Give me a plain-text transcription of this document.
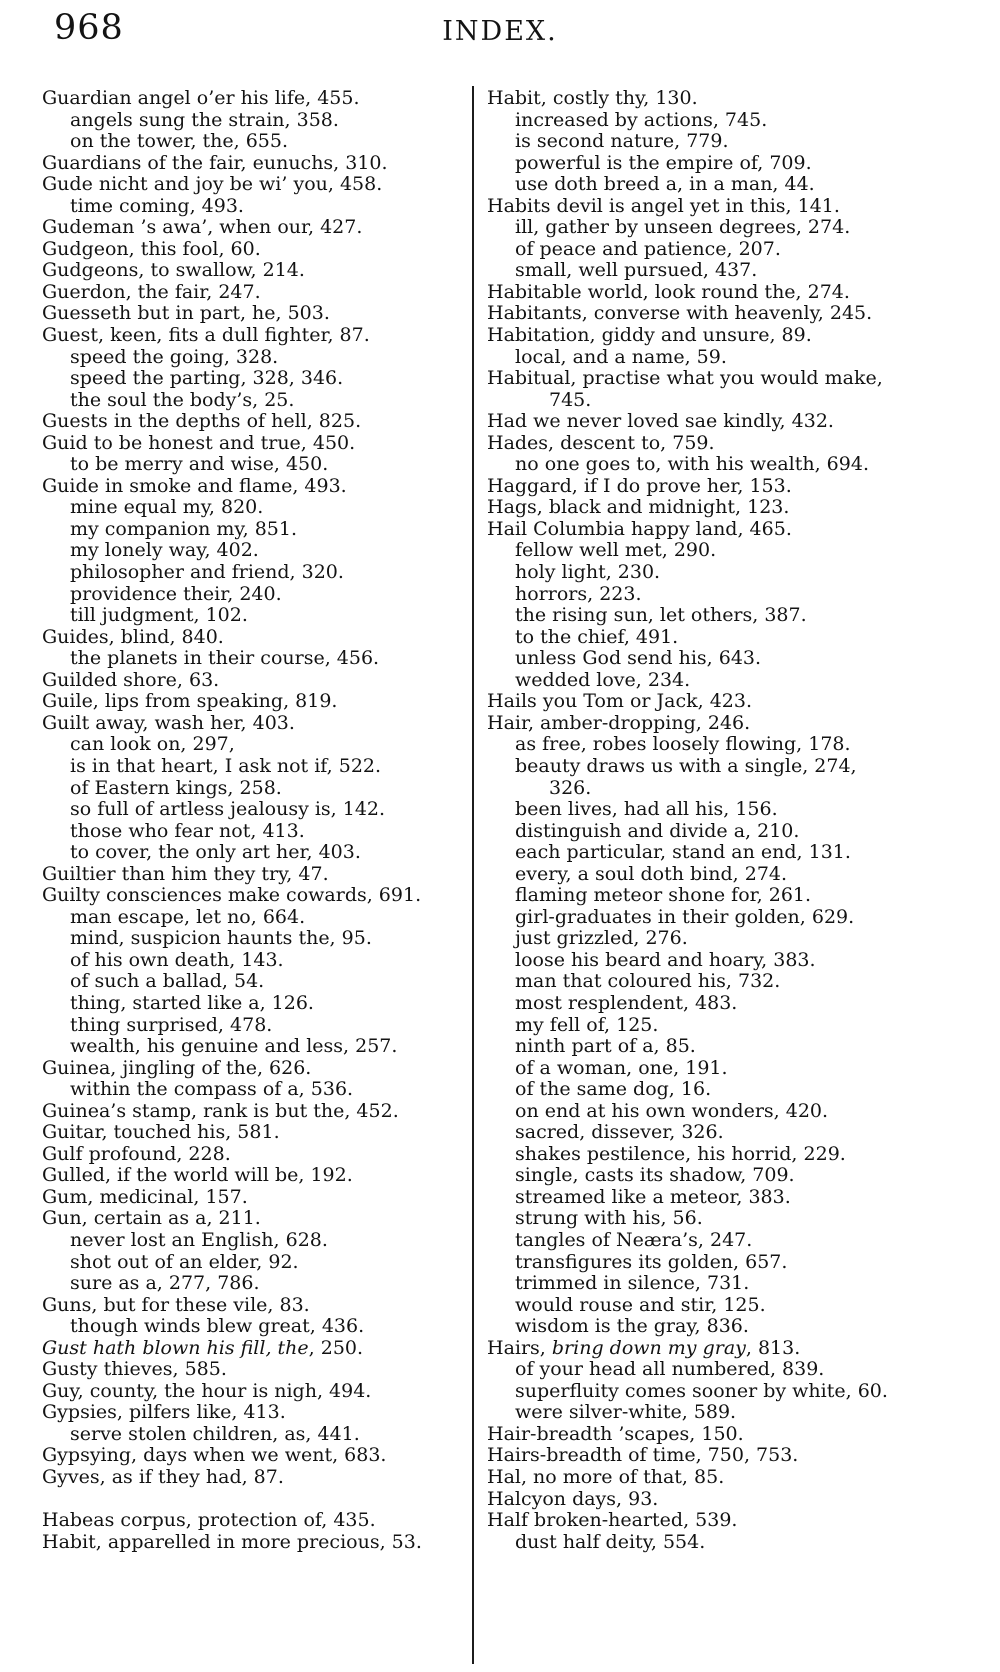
968	INDEX.
Guardian angel o’er his life, 455.
angels sung the strain, 358.
on the tower, the, 655.
Guardians of the fair, eunuchs, 310.
Gude nicht and joy be wi’ you, 458.
time coming, 493.
Gudeman ’s awa’, when our, 427.
Gudgeon, this fool, 60.
Gudgeons, to swallow, 214.
Guerdon, the fair, 247.
Guesseth but in part, he, 503.
Guest, keen, fits a dull fighter, 87.
speed the going, 328.
speed the parting, 328, 346.
the soul the body’s, 25.
Guests in the depths of hell, 825.
Guid to be honest and true, 450.
to be merry and wise, 450.
Guide in smoke and flame, 493.
mine equal my, 820.
my companion my, 851.
my lonely way, 402.
philosopher and friend, 320.
providence their, 240.
till judgment, 102.
Guides, blind, 840.
the planets in their course, 456.
Guilded shore, 63.
Guile, lips from speaking, 819.
Guilt away, wash her, 403.
can look on, 297,
is in that heart, I ask not if, 522.
of Eastern kings, 258.
so full of artless jealousy is, 142.
those who fear not, 413.
to cover, the only art her, 403.
Guiltier than him they try, 47.
Guilty consciences make cowards, 691.
man escape, let no, 664.
mind, suspicion haunts the, 95.
of his own death, 143.
of such a ballad, 54.
thing, started like a, 126.
thing surprised, 478.
wealth, his genuine and less, 257.
Guinea, jingling of the, 626.
within the compass of a, 536.
Guinea’s stamp, rank is but the, 452.
Guitar, touched his, 581.
Gulf profound, 228.
Gulled, if the world will be, 192.
Gum, medicinal, 157.
Gun, certain as a, 211.
never lost an English, 628.
shot out of an elder, 92.
sure as a, 277, 786.
Guns, but for these vile, 83.
though winds blew great, 436.
Gust hath blown his fill, the, 250.
Gusty thieves, 585.
Guy, county, the hour is nigh, 494.
Gypsies, pilfers like, 413.
serve stolen children, as, 441.
Gypsying, days when we went, 683.
Gyves, as if they had, 87.

Habeas corpus, protection of, 435.
Habit, apparelled in more precious, 53.
Habit, costly thy, 130.
increased by actions, 745.
is second nature, 779.
powerful is the empire of, 709.
use doth breed a, in a man, 44.
Habits devil is angel yet in this, 141.
ill, gather by unseen degrees, 274.
of peace and patience, 207.
small, well pursued, 437.
Habitable world, look round the, 274.
Habitants, converse with heavenly, 245.
Habitation, giddy and unsure, 89.
local, and a name, 59.
Habitual, practise what you would make,
745.
Had we never loved sae kindly, 432.
Hades, descent to, 759.
no one goes to, with his wealth, 694.
Haggard, if I do prove her, 153.
Hags, black and midnight, 123.
Hail Columbia happy land, 465.
fellow well met, 290.
holy light, 230.
horrors, 223.
the rising sun, let others, 387.
to the chief, 491.
unless God send his, 643.
wedded love, 234.
Hails you Tom or Jack, 423.
Hair, amber-dropping, 246.
as free, robes loosely flowing, 178.
beauty draws us with a single, 274,
326.
been lives, had all his, 156.
distinguish and divide a, 210.
each particular, stand an end, 131.
every, a soul doth bind, 274.
flaming meteor shone for, 261.
girl-graduates in their golden, 629.
just grizzled, 276.
loose his beard and hoary, 383.
man that coloured his, 732.
most resplendent, 483.
my fell of, 125.
ninth part of a, 85.
of a woman, one, 191.
of the same dog, 16.
on end at his own wonders, 420.
sacred, dissever, 326.
shakes pestilence, his horrid, 229.
single, casts its shadow, 709.
streamed like a meteor, 383.
strung with his, 56.
tangles of Neæra’s, 247.
transfigures its golden, 657.
trimmed in silence, 731.
would rouse and stir, 125.
wisdom is the gray, 836.
Hairs, bring down my gray, 813.
of your head all numbered, 839.
superfluity comes sooner by white, 60.
were silver-white, 589.
Hair-breadth ’scapes, 150.
Hairs-breadth of time, 750, 753.
Hal, no more of that, 85.
Halcyon days, 93.
Half broken-hearted, 539.
dust half deity, 554.
